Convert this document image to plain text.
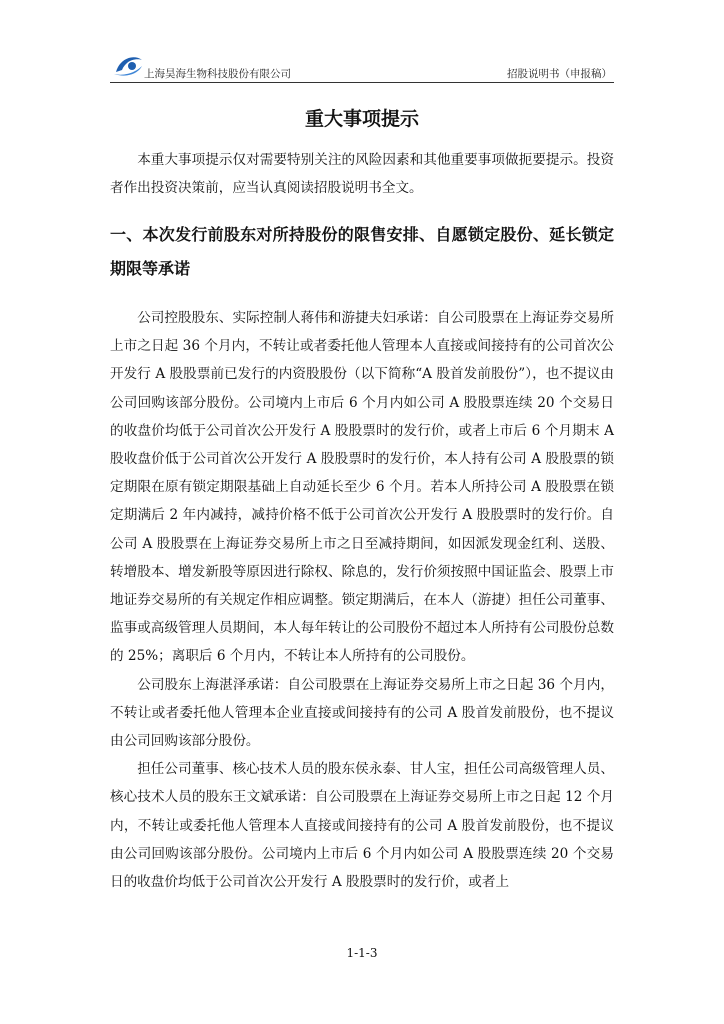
上海昊海生物科技股份有限公司	招股说明书（申报稿）
重大事项提示

本重大事项提示仅对需要特别关注的风险因素和其他重要事项做扼要提示。投资者作出投资决策前，应当认真阅读招股说明书全文。

一、本次发行前股东对所持股份的限售安排、自愿锁定股份、延长锁定期限等承诺

公司控股股东、实际控制人蒋伟和游捷夫妇承诺：自公司股票在上海证券交易所上市之日起 36 个月内，不转让或者委托他人管理本人直接或间接持有的公司首次公开发行 A 股股票前已发行的内资股股份（以下简称“A 股首发前股份”），也不提议由公司回购该部分股份。公司境内上市后 6 个月内如公司 A 股股票连续 20 个交易日的收盘价均低于公司首次公开发行 A 股股票时的发行价，或者上市后 6 个月期末 A 股收盘价低于公司首次公开发行 A 股股票时的发行价，本人持有公司 A 股股票的锁定期限在原有锁定期限基础上自动延长至少 6 个月。若本人所持公司 A 股股票在锁定期满后 2 年内减持，减持价格不低于公司首次公开发行 A 股股票时的发行价。自公司 A 股股票在上海证券交易所上市之日至减持期间，如因派发现金红利、送股、转增股本、增发新股等原因进行除权、除息的，发行价须按照中国证监会、股票上市地证券交易所的有关规定作相应调整。锁定期满后，在本人（游捷）担任公司董事、监事或高级管理人员期间，本人每年转让的公司股份不超过本人所持有公司股份总数的 25%；离职后 6 个月内，不转让本人所持有的公司股份。

公司股东上海湛泽承诺：自公司股票在上海证券交易所上市之日起 36 个月内，不转让或者委托他人管理本企业直接或间接持有的公司 A 股首发前股份，也不提议由公司回购该部分股份。

担任公司董事、核心技术人员的股东侯永泰、甘人宝，担任公司高级管理人员、核心技术人员的股东王文斌承诺：自公司股票在上海证券交易所上市之日起 12 个月内，不转让或委托他人管理本人直接或间接持有的公司 A 股首发前股份，也不提议由公司回购该部分股份。公司境内上市后 6 个月内如公司 A 股股票连续 20 个交易日的收盘价均低于公司首次公开发行 A 股股票时的发行价，或者上

1-1-3
